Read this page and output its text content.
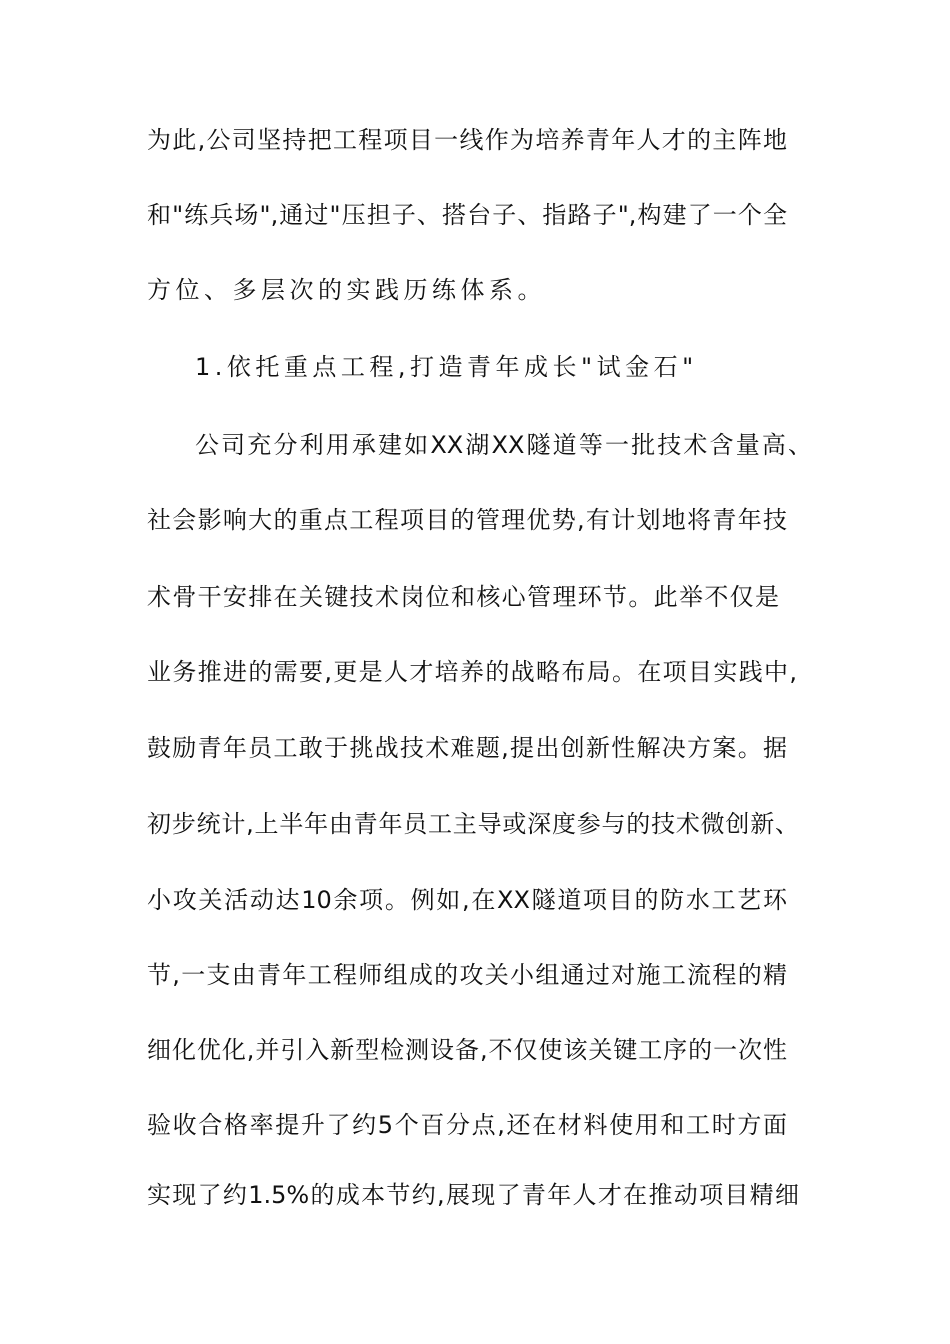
为此,公司坚持把工程项目一线作为培养青年人才的主阵地
和"练兵场",通过"压担子、搭台子、指路子",构建了一个全
方位、多层次的实践历练体系。
1.依托重点工程,打造青年成长"试金石"
公司充分利用承建如XX湖XX隧道等一批技术含量高、
社会影响大的重点工程项目的管理优势,有计划地将青年技
术骨干安排在关键技术岗位和核心管理环节。此举不仅是
业务推进的需要,更是人才培养的战略布局。在项目实践中,
鼓励青年员工敢于挑战技术难题,提出创新性解决方案。据
初步统计,上半年由青年员工主导或深度参与的技术微创新、
小攻关活动达10余项。例如,在XX隧道项目的防水工艺环
节,一支由青年工程师组成的攻关小组通过对施工流程的精
细化优化,并引入新型检测设备,不仅使该关键工序的一次性
验收合格率提升了约5个百分点,还在材料使用和工时方面
实现了约1.5%的成本节约,展现了青年人才在推动项目精细
